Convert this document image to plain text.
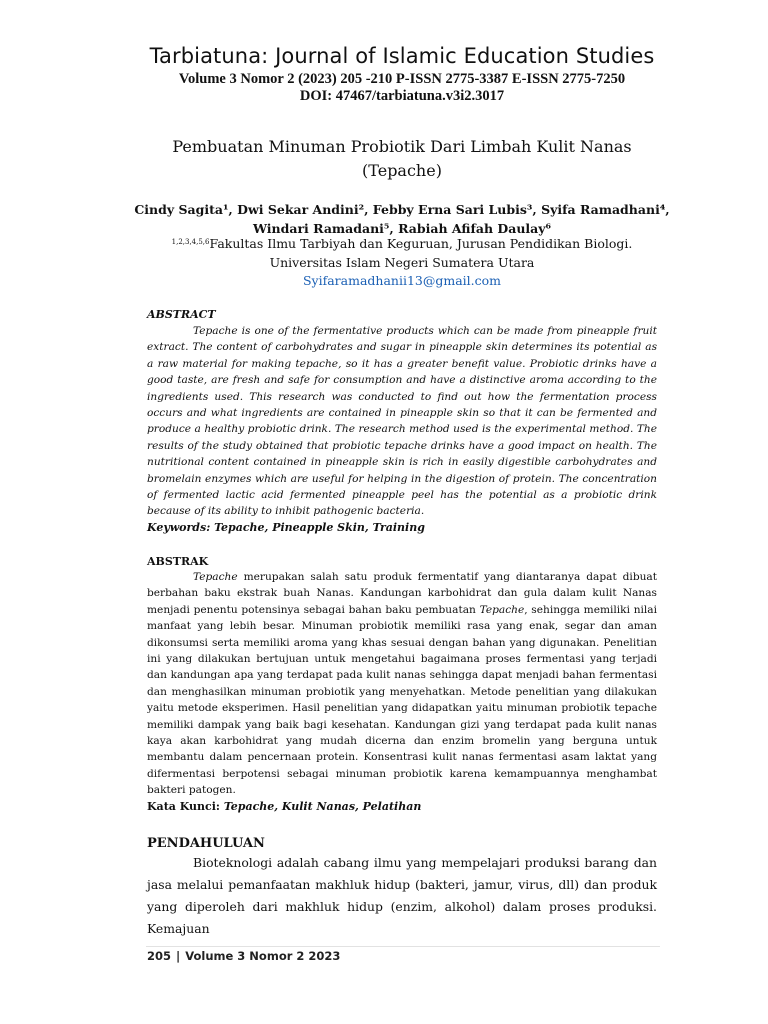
Tarbiatuna: Journal of Islamic Education Studies
Volume 3 Nomor 2 (2023) 205 -210 P-ISSN 2775-3387 E-ISSN 2775-7250
DOI: 47467/tarbiatuna.v3i2.3017
Pembuatan Minuman Probiotik Dari Limbah Kulit Nanas (Tepache)
Cindy Sagita¹, Dwi Sekar Andini², Febby Erna Sari Lubis³, Syifa Ramadhani⁴, Windari Ramadani⁵, Rabiah Afifah Daulay⁶
$^{1,2,3,4,5,6}$Fakultas Ilmu Tarbiyah dan Keguruan, Jurusan Pendidikan Biologi.
Universitas Islam Negeri Sumatera Utara
Syifaramadhanii13@gmail.com
ABSTRACT
Tepache is one of the fermentative products which can be made from pineapple fruit extract. The content of carbohydrates and sugar in pineapple skin determines its potential as a raw material for making tepache, so it has a greater benefit value. Probiotic drinks have a good taste, are fresh and safe for consumption and have a distinctive aroma according to the ingredients used. This research was conducted to find out how the fermentation process occurs and what ingredients are contained in pineapple skin so that it can be fermented and produce a healthy probiotic drink. The research method used is the experimental method. The results of the study obtained that probiotic tepache drinks have a good impact on health. The nutritional content contained in pineapple skin is rich in easily digestible carbohydrates and bromelain enzymes which are useful for helping in the digestion of protein. The concentration of fermented lactic acid fermented pineapple peel has the potential as a probiotic drink because of its ability to inhibit pathogenic bacteria.
Keywords: Tepache, Pineapple Skin, Training
ABSTRAK
Tepache merupakan salah satu produk fermentatif yang diantaranya dapat dibuat berbahan baku ekstrak buah Nanas. Kandungan karbohidrat dan gula dalam kulit Nanas menjadi penentu potensinya sebagai bahan baku pembuatan Tepache, sehingga memiliki nilai manfaat yang lebih besar. Minuman probiotik memiliki rasa yang enak, segar dan aman dikonsumsi serta memiliki aroma yang khas sesuai dengan bahan yang digunakan. Penelitian ini yang dilakukan bertujuan untuk mengetahui bagaimana proses fermentasi yang terjadi dan kandungan apa yang terdapat pada kulit nanas sehingga dapat menjadi bahan fermentasi dan menghasilkan minuman probiotik yang menyehatkan. Metode penelitian yang dilakukan yaitu metode eksperimen. Hasil penelitian yang didapatkan yaitu minuman probiotik tepache memiliki dampak yang baik bagi kesehatan. Kandungan gizi yang terdapat pada kulit nanas kaya akan karbohidrat yang mudah dicerna dan enzim bromelin yang berguna untuk membantu dalam pencernaan protein. Konsentrasi kulit nanas fermentasi asam laktat yang difermentasi berpotensi sebagai minuman probiotik karena kemampuannya menghambat bakteri patogen.
Kata Kunci: Tepache, Kulit Nanas, Pelatihan
PENDAHULUAN
Bioteknologi adalah cabang ilmu yang mempelajari produksi barang dan jasa melalui pemanfaatan makhluk hidup (bakteri, jamur, virus, dll) dan produk yang diperoleh dari makhluk hidup (enzim, alkohol) dalam proses produksi. Kemajuan
205 | Volume 3 Nomor 2 2023
